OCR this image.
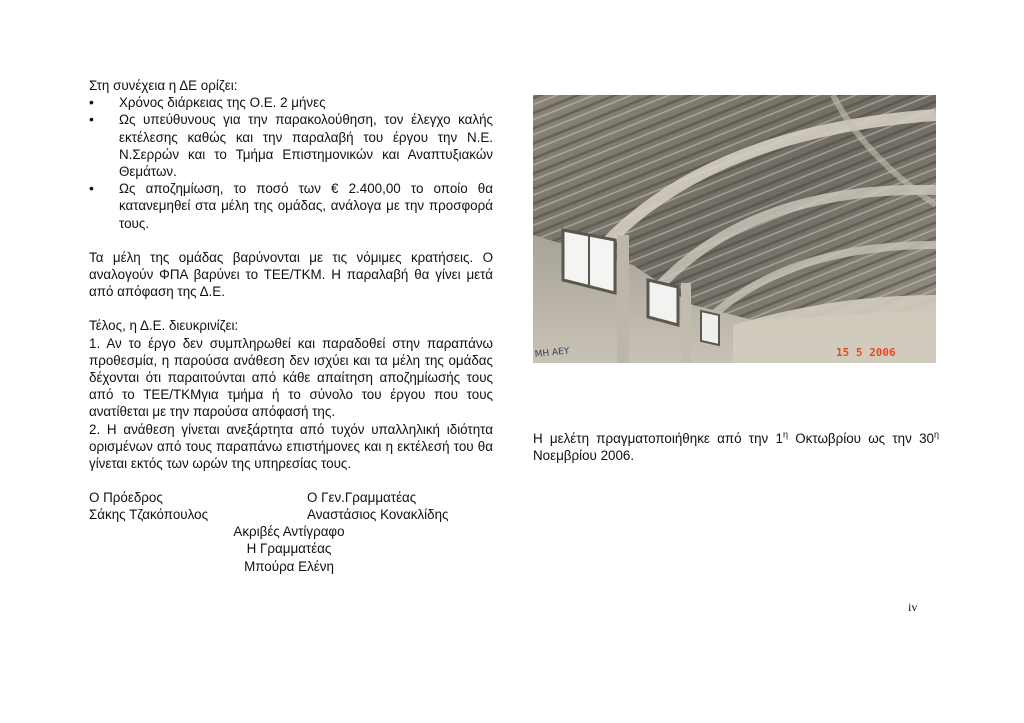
Στη συνέχεια η ΔΕ ορίζει:

• Χρόνος διάρκειας της Ο.Ε. 2 μήνες
• Ως υπεύθυνους για την παρακολούθηση, τον έλεγχο καλής εκτέλεσης καθώς και την παραλαβή του έργου την Ν.Ε. Ν.Σερρών και το Τμήμα Επιστημονικών και Αναπτυξιακών Θεμάτων.
• Ως αποζημίωση, το ποσό των € 2.400,00 το οποίο θα κατανεμηθεί στα μέλη της ομάδας, ανάλογα με την προσφορά τους.

Τα μέλη της ομάδας βαρύνονται με τις νόμιμες κρατήσεις. Ο αναλογούν ΦΠΑ βαρύνει το ΤΕΕ/ΤΚΜ. Η παραλαβή θα γίνει μετά από απόφαση της Δ.Ε.

Τέλος, η Δ.Ε. διευκρινίζει:

1. Αν το έργο δεν συμπληρωθεί και παραδοθεί στην παραπάνω προθεσμία, η παρούσα ανάθεση δεν ισχύει και τα μέλη της ομάδας δέχονται ότι παραιτούνται από κάθε απαίτηση αποζημίωσής τους από το ΤΕΕ/ΤΚΜγια τμήμα ή το σύνολο του έργου που τους ανατίθεται με την παρούσα απόφασή της.

2. Η ανάθεση γίνεται ανεξάρτητα από τυχόν υπαλληλική ιδιότητα ορισμένων από τους παραπάνω επιστήμονες και η εκτέλεσή του θα γίνεται εκτός των ωρών της υπηρεσίας τους.

Ο Πρόεδρος	Ο Γεν.Γραμματέας
Σάκης Τζακόπουλος	Αναστάσιος Κονακλίδης
Ακριβές Αντίγραφο
Η Γραμματέας
Μπούρα Ελένη
ΜΗ ΑΕΥ	15 5 2006
Η μελέτη πραγματοποιήθηκε από την $1^\eta$ Οκτωβρίου ως την $30^\eta$ Νοεμβρίου 2006.
iv
